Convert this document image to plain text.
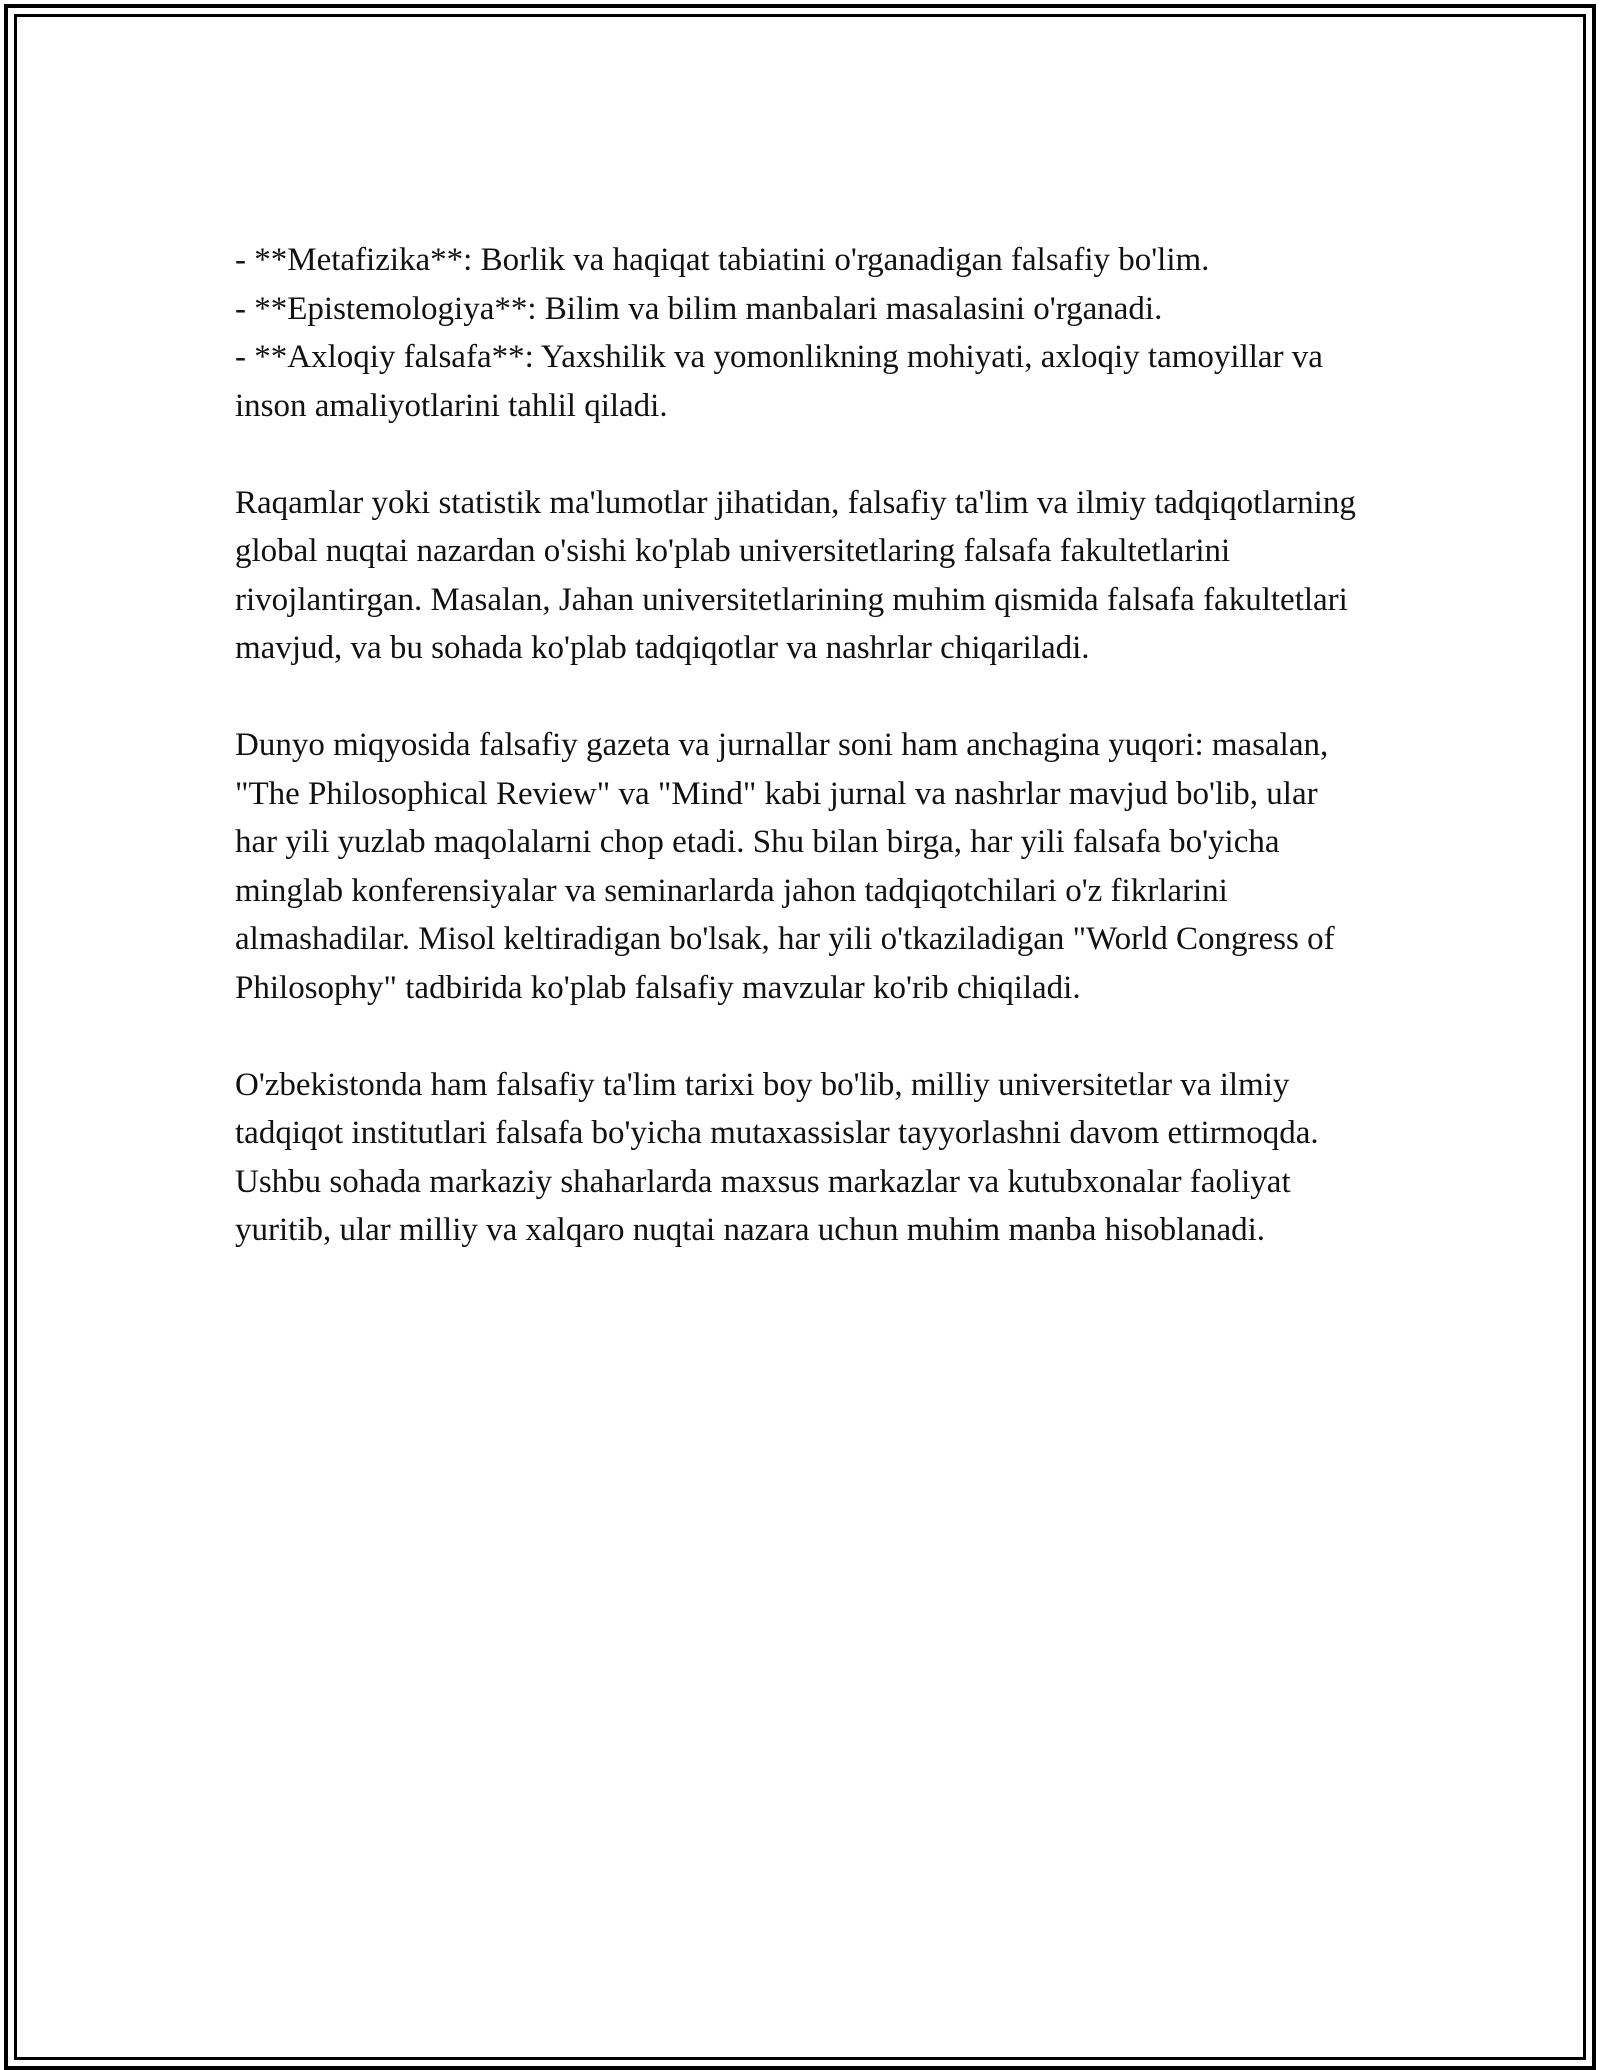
- **Metafizika**: Borlik va haqiqat tabiatini o'rganadigan falsafiy bo'lim.

- **Epistemologiya**: Bilim va bilim manbalari masalasini o'rganadi.

- **Axloqiy falsafa**: Yaxshilik va yomonlikning mohiyati, axloqiy tamoyillar va inson amaliyotlarini tahlil qiladi.

Raqamlar yoki statistik ma'lumotlar jihatidan, falsafiy ta'lim va ilmiy tadqiqotlarning global nuqtai nazardan o'sishi ko'plab universitetlaring falsafa fakultetlarini rivojlantirgan. Masalan, Jahan universitetlarining muhim qismida falsafa fakultetlari mavjud, va bu sohada ko'plab tadqiqotlar va nashrlar chiqariladi.

Dunyo miqyosida falsafiy gazeta va jurnallar soni ham anchagina yuqori: masalan, "The Philosophical Review" va "Mind" kabi jurnal va nashrlar mavjud bo'lib, ular har yili yuzlab maqolalarni chop etadi. Shu bilan birga, har yili falsafa bo'yicha minglab konferensiyalar va seminarlarda jahon tadqiqotchilari o'z fikrlarini almashadilar. Misol keltiradigan bo'lsak, har yili o'tkaziladigan "World Congress of Philosophy" tadbirida ko'plab falsafiy mavzular ko'rib chiqiladi.

O'zbekistonda ham falsafiy ta'lim tarixi boy bo'lib, milliy universitetlar va ilmiy tadqiqot institutlari falsafa bo'yicha mutaxassislar tayyorlashni davom ettirmoqda. Ushbu sohada markaziy shaharlarda maxsus markazlar va kutubxonalar faoliyat yuritib, ular milliy va xalqaro nuqtai nazara uchun muhim manba hisoblanadi.
